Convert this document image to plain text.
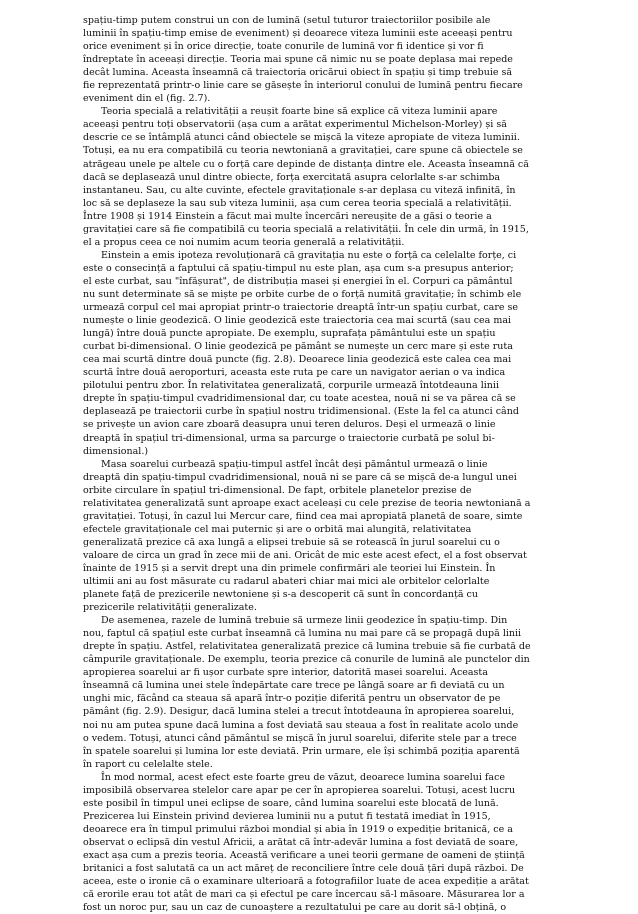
spațiu-timp putem construi un con de lumină (setul tuturor traiectoriilor posibile ale
luminii în spațiu-timp emise de eveniment) și deoarece viteza luminii este aceeași pentru
orice eveniment și în orice direcție, toate conurile de lumină vor fi identice și vor fi
îndreptate în aceeași direcție. Teoria mai spune că nimic nu se poate deplasa mai repede
decât lumina. Aceasta înseamnă că traiectoria oricărui obiect în spațiu și timp trebuie să
fie reprezentată printr-o linie care se găsește în interiorul conului de lumină pentru fiecare
eveniment din el (fig. 2.7).
Teoria specială a relativității a reușit foarte bine să explice că viteza luminii apare
aceeași pentru toți observatorii (așa cum a arătat experimentul Michelson-Morley) și să
descrie ce se întâmplă atunci când obiectele se mișcă la viteze apropiate de viteza luminii.
Totuși, ea nu era compatibilă cu teoria newtoniană a gravitației, care spune că obiectele se
atrăgeau unele pe altele cu o forță care depinde de distanța dintre ele. Aceasta înseamnă că
dacă se deplasează unul dintre obiecte, forța exercitată asupra celorlalte s-ar schimba
instantaneu. Sau, cu alte cuvinte, efectele gravitaționale s-ar deplasa cu viteză infinită, în
loc să se deplaseze la sau sub viteza luminii, așa cum cerea teoria specială a relativității.
Între 1908 și 1914 Einstein a făcut mai multe încercări nereușite de a găsi o teorie a
gravitației care să fie compatibilă cu teoria specială a relativității. În cele din urmă, în 1915,
el a propus ceea ce noi numim acum teoria generală a relativității.
Einstein a emis ipoteza revoluționară că gravitația nu este o forță ca celelalte forțe, ci
este o consecință a faptului că spațiu-timpul nu este plan, așa cum s-a presupus anterior;
el este curbat, sau "înfășurat", de distribuția masei și energiei în el. Corpuri ca pământul
nu sunt determinate să se miște pe orbite curbe de o forță numită gravitație; în schimb ele
urmează corpul cel mai apropiat printr-o traiectorie dreaptă într-un spațiu curbat, care se
numește o linie geodezică. O linie geodezică este traiectoria cea mai scurtă (sau cea mai
lungă) între două puncte apropiate. De exemplu, suprafața pământului este un spațiu
curbat bi-dimensional. O linie geodezică pe pământ se numește un cerc mare și este ruta
cea mai scurtă dintre două puncte (fig. 2.8). Deoarece linia geodezică este calea cea mai
scurtă între două aeroporturi, aceasta este ruta pe care un navigator aerian o va indica
pilotului pentru zbor. În relativitatea generalizată, corpurile urmează întotdeauna linii
drepte în spațiu-timpul cvadridimensional dar, cu toate acestea, nouă ni se va părea că se
deplasează pe traiectorii curbe în spațiul nostru tridimensional. (Este la fel ca atunci când
se privește un avion care zboară deasupra unui teren deluros. Deși el urmează o linie
dreaptă în spațiul tri-dimensional, urma sa parcurge o traiectorie curbată pe solul bi-
dimensional.)
Masa soarelui curbează spațiu-timpul astfel încât deși pământul urmează o linie
dreaptă din spațiu-timpul cvadridimensional, nouă ni se pare că se mișcă de-a lungul unei
orbite circulare în spațiul tri-dimensional. De fapt, orbitele planetelor prezise de
relativitatea generalizată sunt aproape exact aceleași cu cele prezise de teoria newtoniană a
gravitației. Totuși, în cazul lui Mercur care, fiind cea mai apropiată planetă de soare, simte
efectele gravitaționale cel mai puternic și are o orbită mai alungită, relativitatea
generalizată prezice că axa lungă a elipsei trebuie să se rotească în jurul soarelui cu o
valoare de circa un grad în zece mii de ani. Oricât de mic este acest efect, el a fost observat
înainte de 1915 și a servit drept una din primele confirmări ale teoriei lui Einstein. În
ultimii ani au fost măsurate cu radarul abateri chiar mai mici ale orbitelor celorlalte
planete față de prezicerile newtoniene și s-a descoperit că sunt în concordanță cu
prezicerile relativității generalizate.
De asemenea, razele de lumină trebuie să urmeze linii geodezice în spațiu-timp. Din
nou, faptul că spațiul este curbat înseamnă că lumina nu mai pare că se propagă după linii
drepte în spațiu. Astfel, relativitatea generalizată prezice că lumina trebuie să fie curbată de
câmpurile gravitaționale. De exemplu, teoria prezice că conurile de lumină ale punctelor din
apropierea soarelui ar fi ușor curbate spre interior, datorită masei soarelui. Aceasta
înseamnă că lumina unei stele îndepărtate care trece pe lângă soare ar fi deviată cu un
unghi mic, făcând ca steaua să apară într-o poziție diferită pentru un observator de pe
pământ (fig. 2.9). Desigur, dacă lumina stelei a trecut întotdeauna în apropierea soarelui,
noi nu am putea spune dacă lumina a fost deviată sau steaua a fost în realitate acolo unde
o vedem. Totuși, atunci când pământul se mișcă în jurul soarelui, diferite stele par a trece
în spatele soarelui și lumina lor este deviată. Prin urmare, ele își schimbă poziția aparentă
în raport cu celelalte stele.
În mod normal, acest efect este foarte greu de văzut, deoarece lumina soarelui face
imposibilă observarea stelelor care apar pe cer în apropierea soarelui. Totuși, acest lucru
este posibil în timpul unei eclipse de soare, când lumina soarelui este blocată de lună.
Prezicerea lui Einstein privind devierea luminii nu a putut fi testată imediat în 1915,
deoarece era în timpul primului război mondial și abia în 1919 o expediție britanică, ce a
observat o eclipsă din vestul Africii, a arătat că într-adevăr lumina a fost deviată de soare,
exact așa cum a prezis teoria. Această verificare a unei teorii germane de oameni de știință
britanici a fost salutată ca un act măreț de reconciliere între cele două țări după război. De
aceea, este o ironie că o examinare ulterioară a fotografiilor luate de acea expediție a arătat
că erorile erau tot atât de mari ca și efectul pe care încercau să-l măsoare. Măsurarea lor a
fost un noroc pur, sau un caz de cunoaștere a rezultatului pe care au dorit să-l obțină, o
